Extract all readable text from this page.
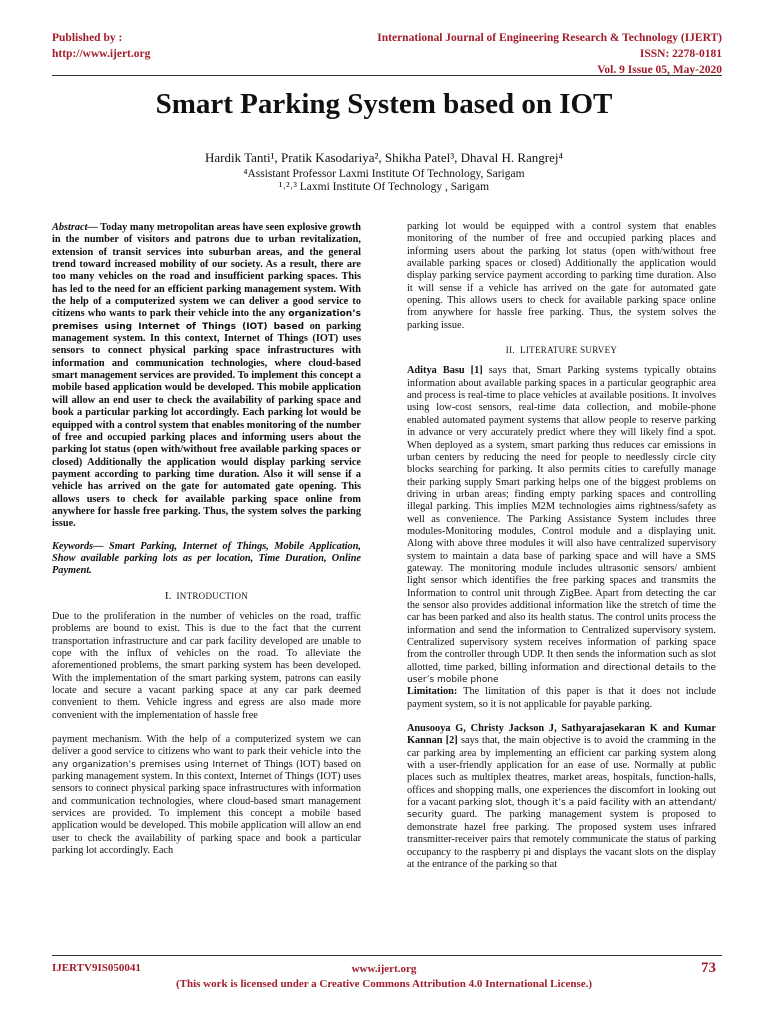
Published by :
http://www.ijert.org
International Journal of Engineering Research & Technology (IJERT)
ISSN: 2278-0181
Vol. 9 Issue 05, May-2020
Smart Parking System based on IOT
Hardik Tanti¹, Pratik Kasodariya², Shikha Patel³, Dhaval H. Rangrej⁴
⁴Assistant Professor Laxmi Institute Of Technology, Sarigam
¹˒²˒³ Laxmi Institute Of Technology , Sarigam

Abstract— Today many metropolitan areas have seen explosive growth in the number of visitors and patrons due to urban revitalization, extension of transit services into suburban areas, and the general trend toward increased mobility of our society. As a result, there are too many vehicles on the road and insufficient parking spaces. This has led to the need for an efficient parking management system. With the help of a computerized system we can deliver a good service to citizens who wants to park their vehicle into the any organization’s premises using Internet of Things (IOT) based on parking management system. In this context, Internet of Things (IOT) uses sensors to connect physical parking space infrastructures with information and communication technologies, where cloud-based smart management services are provided. To implement this concept a mobile based application would be developed. This mobile application will allow an end user to check the availability of parking space and book a particular parking lot accordingly. Each parking lot would be equipped with a control system that enables monitoring of the number of free and occupied parking places and informing users about the parking lot status (open with/without free available parking spaces or closed) Additionally the application would display parking service payment according to parking time duration. Also it will sense if a vehicle has arrived on the gate for automated gate opening. This allows users to check for available parking space online from anywhere for hassle free parking. Thus, the system solves the parking issue.

Keywords— Smart Parking, Internet of Things, Mobile Application, Show available parking lots as per location, Time Duration, Online Payment.

I. INTRODUCTION

Due to the proliferation in the number of vehicles on the road, traffic problems are bound to exist. This is due to the fact that the current transportation infrastructure and car park facility developed are unable to cope with the influx of vehicles on the road. To alleviate the aforementioned problems, the smart parking system has been developed. With the implementation of the smart parking system, patrons can easily locate and secure a vacant parking space at any car park deemed convenient to them. Vehicle ingress and egress are also made more convenient with the implementation of hassle free

payment mechanism. With the help of a computerized system we can deliver a good service to citizens who want to park their vehicle into the any organization’s premises using Internet of Things (IOT) based on parking management system. In this context, Internet of Things (IOT) uses sensors to connect physical parking space infrastructures with information and communication technologies, where cloud-based smart management services are provided. To implement this concept a mobile based application would be developed. This mobile application will allow an end user to check the availability of parking space and book a particular parking lot accordingly. Each

parking lot would be equipped with a control system that enables monitoring of the number of free and occupied parking places and informing users about the parking lot status (open with/without free available parking spaces or closed) Additionally the application would display parking service payment according to parking time duration. Also it will sense if a vehicle has arrived on the gate for automated gate opening. This allows users to check for available parking space online from anywhere for hassle free parking. Thus, the system solves the parking issue.

II. LITERATURE SURVEY

Aditya Basu [1] says that, Smart Parking systems typically obtains information about available parking spaces in a particular geographic area and process is real-time to place vehicles at available positions. It involves using low-cost sensors, real-time data collection, and mobile-phone enabled automated payment systems that allow people to reserve parking in advance or very accurately predict where they will likely find a spot. When deployed as a system, smart parking thus reduces car emissions in urban centers by reducing the need for people to needlessly circle city blocks searching for parking. It also permits cities to carefully manage their parking supply Smart parking helps one of the biggest problems on driving in urban areas; finding empty parking spaces and controlling illegal parking. This implies M2M technologies aims rightness/safety as well as convenience. The Parking Assistance System includes three modules-Monitoring modules, Control module and a displaying unit. Along with above three modules it will also have centralized supervisory system to maintain a data base of parking space and will have a SMS gateway. The monitoring module includes ultrasonic sensors/ ambient light sensor which identifies the free parking spaces and transmits the Information to control unit through ZigBee. Apart from detecting the car the sensor also provides additional information like the stretch of time the car has been parked and also its health status. The control units process the information and send the information to Centralized supervisory system. Centralized supervisory system receives information of parking space from the controller through UDP. It then sends the information such as slot allotted, time parked, billing information and directional details to the user’s mobile phone

Limitation: The limitation of this paper is that it does not include payment system, so it is not applicable for payable parking.

Anusooya G, Christy Jackson J, Sathyarajasekaran K and Kumar Kannan [2] says that, the main objective is to avoid the cramming in the car parking area by implementing an efficient car parking system along with a user-friendly application for an ease of use. Normally at public places such as multiplex theatres, market areas, hospitals, function-halls, offices and shopping malls, one experiences the discomfort in looking out for a vacant parking slot, though it’s a paid facility with an attendant/ security guard. The parking management system is proposed to demonstrate hazel free parking. The proposed system uses infrared transmitter-receiver pairs that remotely communicate the status of parking occupancy to the raspberry pi and displays the vacant slots on the display at the entrance of the parking so that

IJERTV9IS050041	www.ijert.org
(This work is licensed under a Creative Commons Attribution 4.0 International License.)
73
